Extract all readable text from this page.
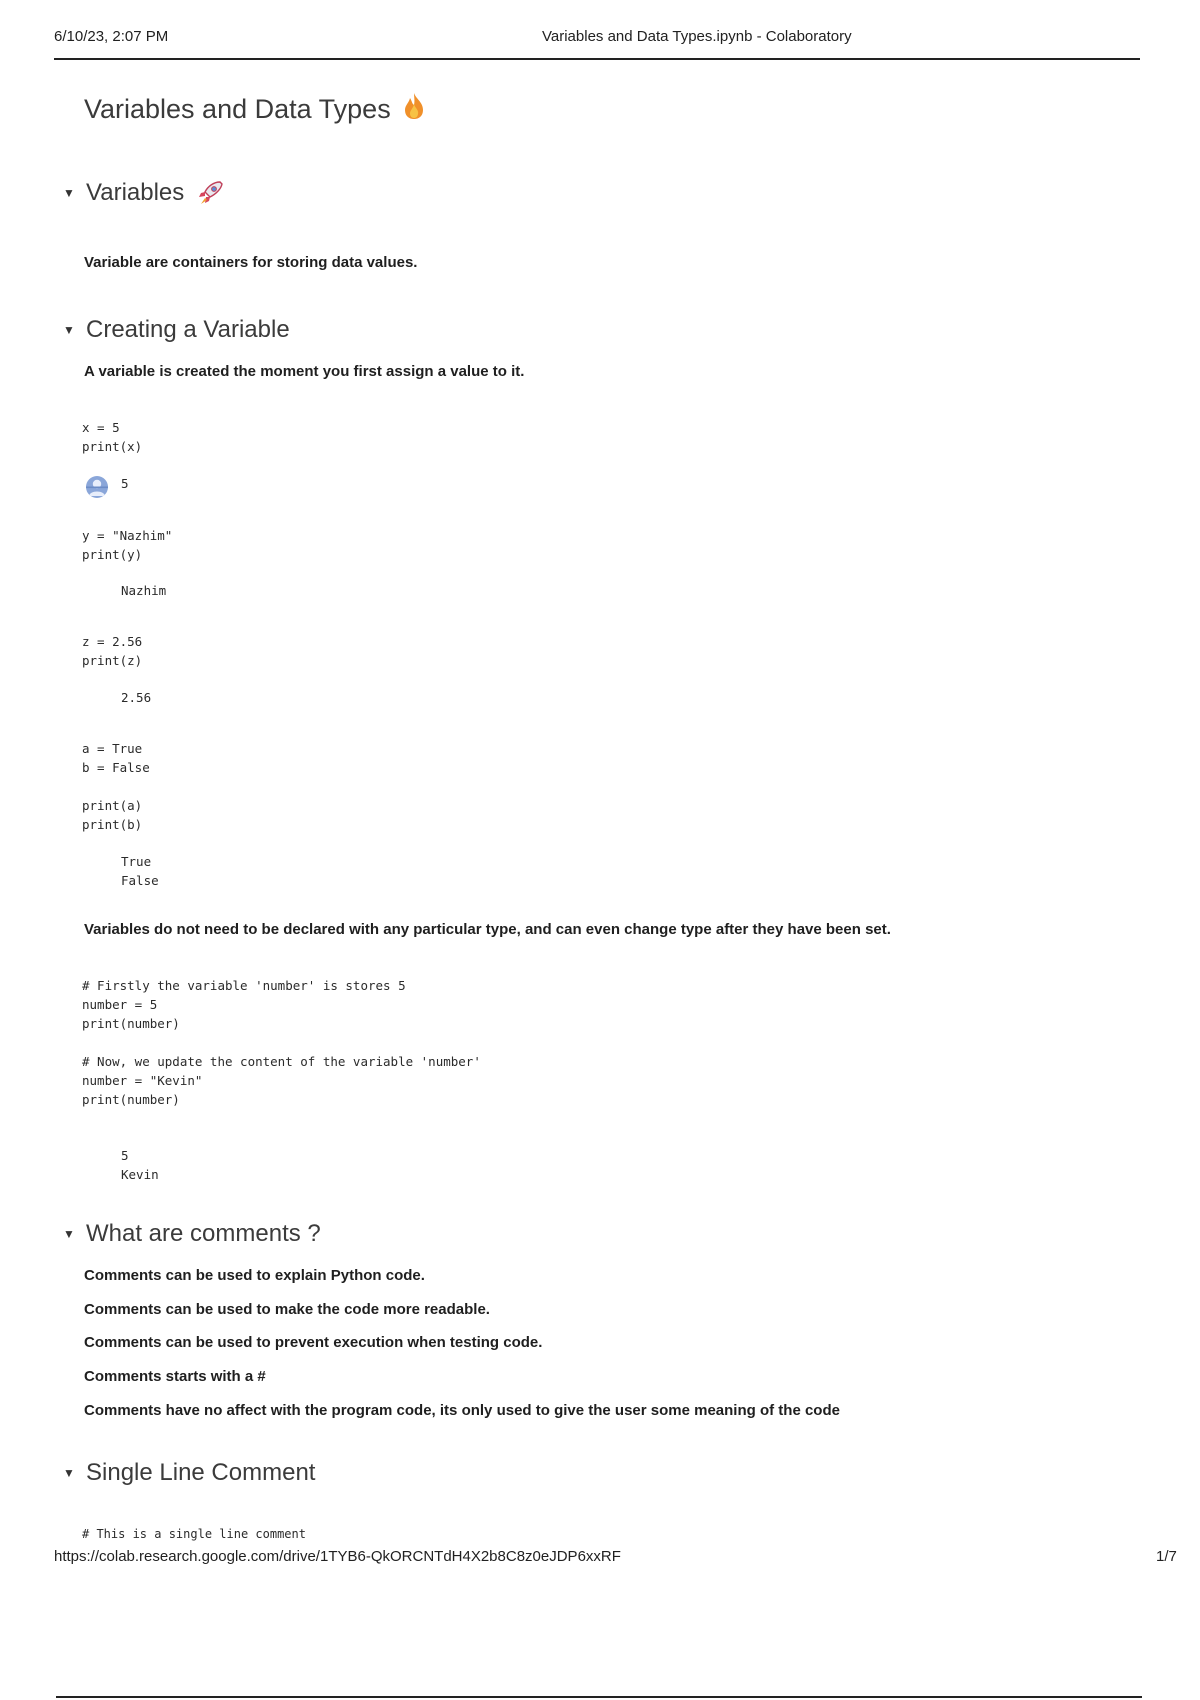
6/10/23, 2:07 PM	Variables and Data Types.ipynb - Colaboratory
Variables and Data Types
▼ Variables
Variable are containers for storing data values.
▼ Creating a Variable
A variable is created the moment you first assign a value to it.
x = 5
print(x)
5
y = "Nazhim"
print(y)
Nazhim
z = 2.56
print(z)
2.56
a = True
b = False

print(a)
print(b)
True
False
Variables do not need to be declared with any particular type, and can even change type after they have been set.
# Firstly the variable 'number' is stores 5
number = 5
print(number)

# Now, we update the content of the variable 'number'
number = "Kevin"
print(number)
5
Kevin
▼ What are comments ?
Comments can be used to explain Python code.
Comments can be used to make the code more readable.
Comments can be used to prevent execution when testing code.
Comments starts with a #
Comments have no affect with the program code, its only used to give the user some meaning of the code
▼ Single Line Comment
# This is a single line comment
https://colab.research.google.com/drive/1TYB6-QkORCNTdH4X2b8C8z0eJDP6xxRF	1/7
